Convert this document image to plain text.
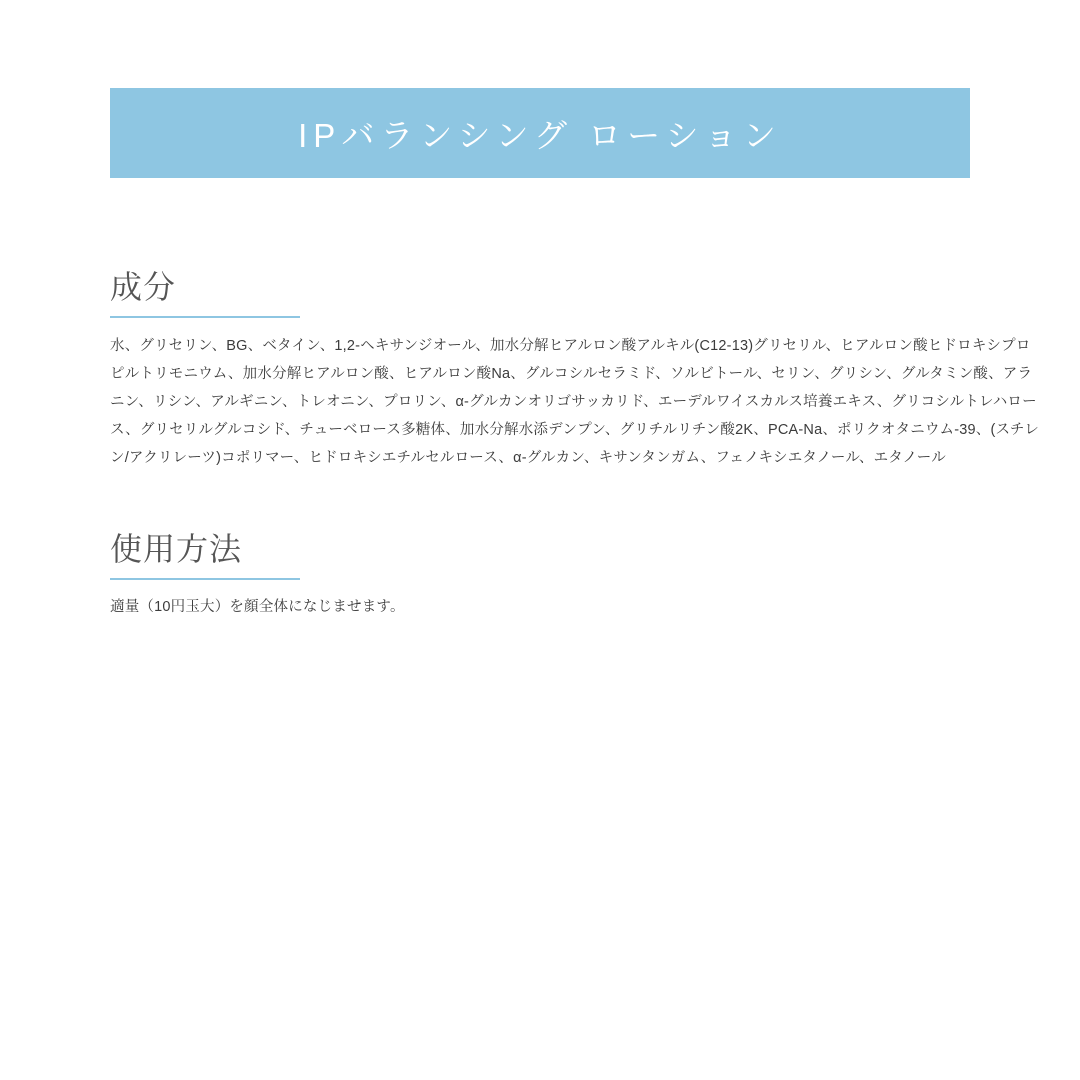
IPバランシング ローション
成分
水、グリセリン、BG、ベタイン、1,2‐ヘキサンジオール、加水分解ヒアルロン酸アルキル(C12‐13)グリセリル、ヒアルロン酸ヒドロキシプロピルトリモニウム、加水分解ヒアルロン酸、ヒアルロン酸Na、グルコシルセラミド、ソルビトール、セリン、グリシン、グルタミン酸、アラニン、リシン、アルギニン、トレオニン、プロリン、α‐グルカンオリゴサッカリド、エーデルワイスカルス培養エキス、グリコシルトレハロース、グリセリルグルコシド、チューベロース多糖体、加水分解水添デンプン、グリチルリチン酸2K、PCA‐Na、ポリクオタニウム‐39、(スチレン/アクリレーツ)コポリマー、ヒドロキシエチルセルロース、α‐グルカン、キサンタンガム、フェノキシエタノール、エタノール
使用方法
適量（10円玉大）を顔全体になじませます。
